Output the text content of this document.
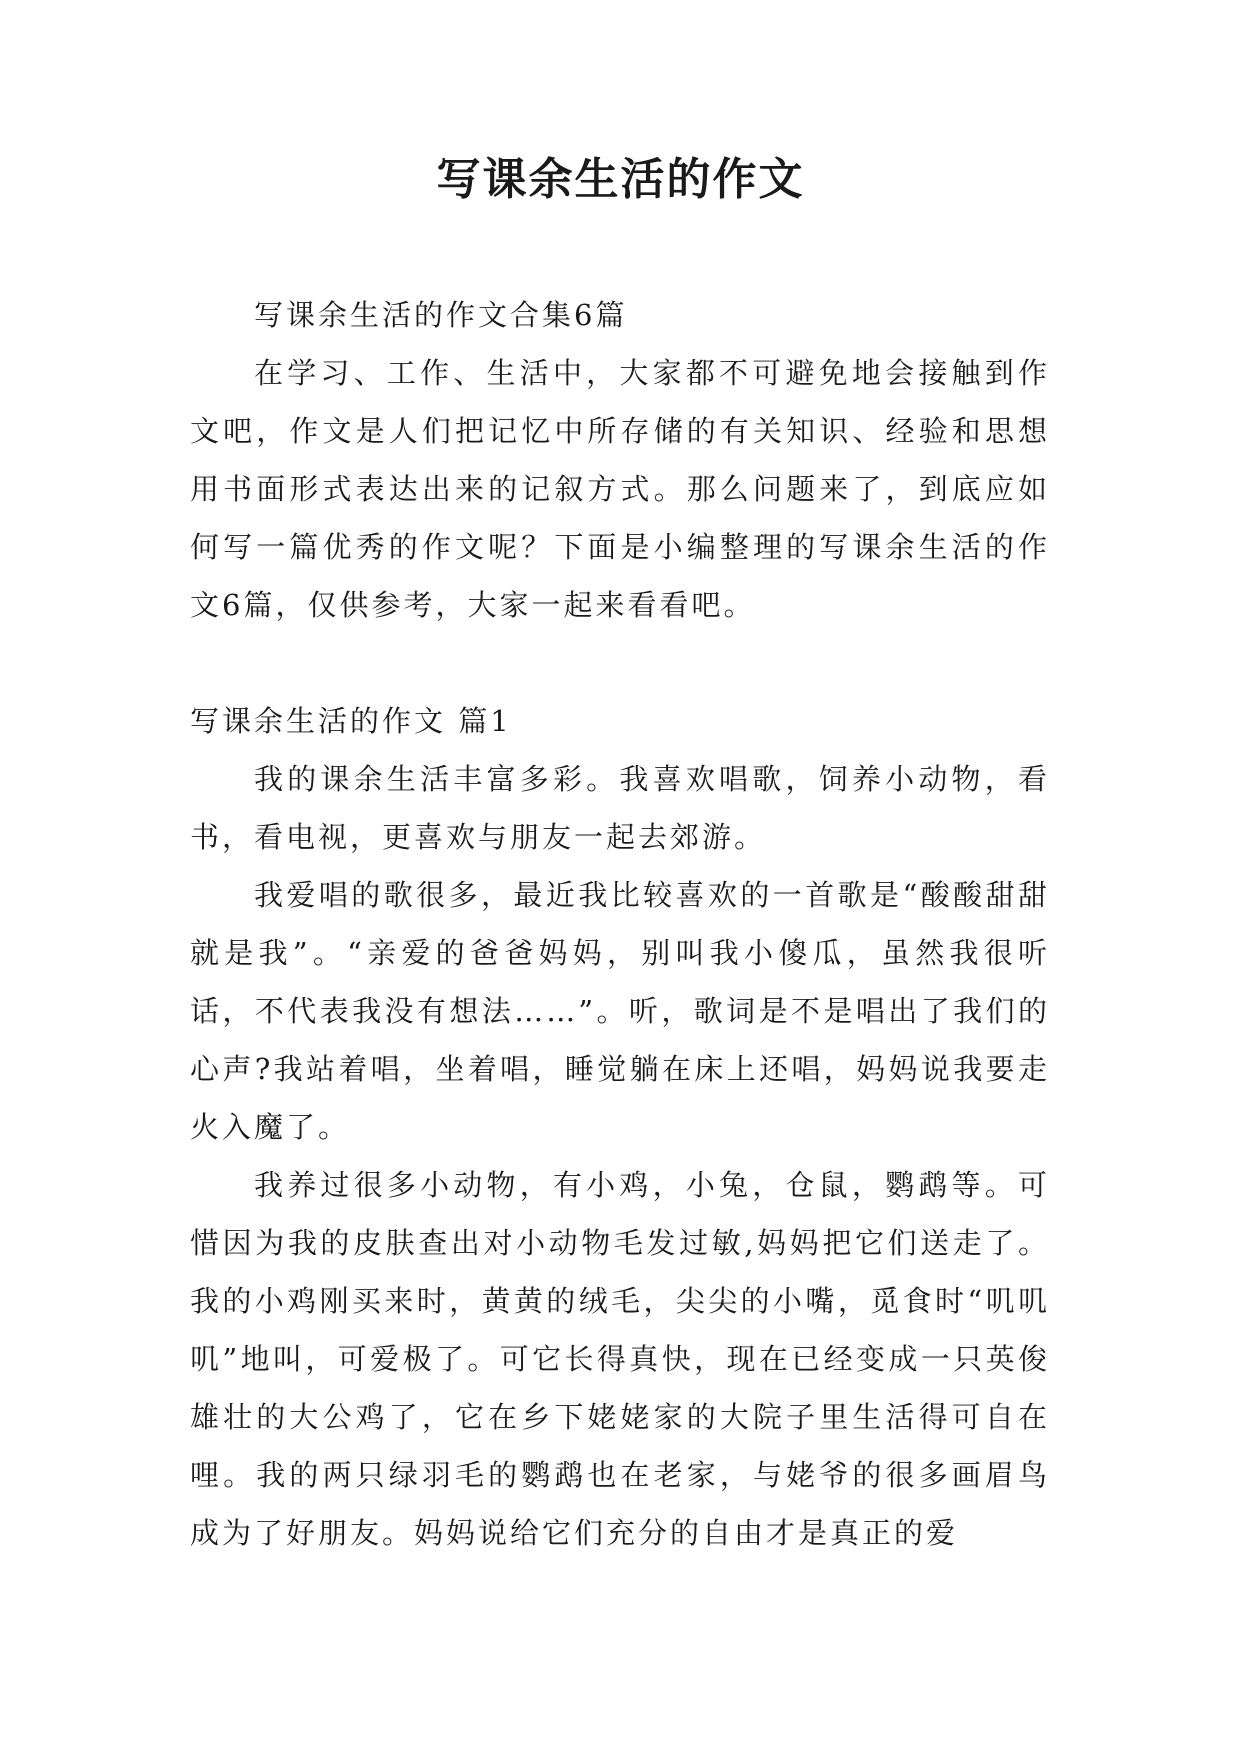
写课余生活的作文

写课余生活的作文合集6篇

在学习、工作、生活中，大家都不可避免地会接触到作文吧，作文是人们把记忆中所存储的有关知识、经验和思想用书面形式表达出来的记叙方式。那么问题来了，到底应如何写一篇优秀的作文呢？下面是小编整理的写课余生活的作文6篇，仅供参考，大家一起来看看吧。

写课余生活的作文 篇1

我的课余生活丰富多彩。我喜欢唱歌，饲养小动物，看书，看电视，更喜欢与朋友一起去郊游。

我爱唱的歌很多，最近我比较喜欢的一首歌是“酸酸甜甜就是我”。“亲爱的爸爸妈妈，别叫我小傻瓜，虽然我很听话，不代表我没有想法……”。听，歌词是不是唱出了我们的心声?我站着唱，坐着唱，睡觉躺在床上还唱，妈妈说我要走火入魔了。

我养过很多小动物，有小鸡，小兔，仓鼠，鹦鹉等。可惜因为我的皮肤查出对小动物毛发过敏,妈妈把它们送走了。我的小鸡刚买来时，黄黄的绒毛，尖尖的小嘴，觅食时“叽叽叽”地叫，可爱极了。可它长得真快，现在已经变成一只英俊雄壮的大公鸡了，它在乡下姥姥家的大院子里生活得可自在哩。我的两只绿羽毛的鹦鹉也在老家，与姥爷的很多画眉鸟成为了好朋友。妈妈说给它们充分的自由才是真正的爱
